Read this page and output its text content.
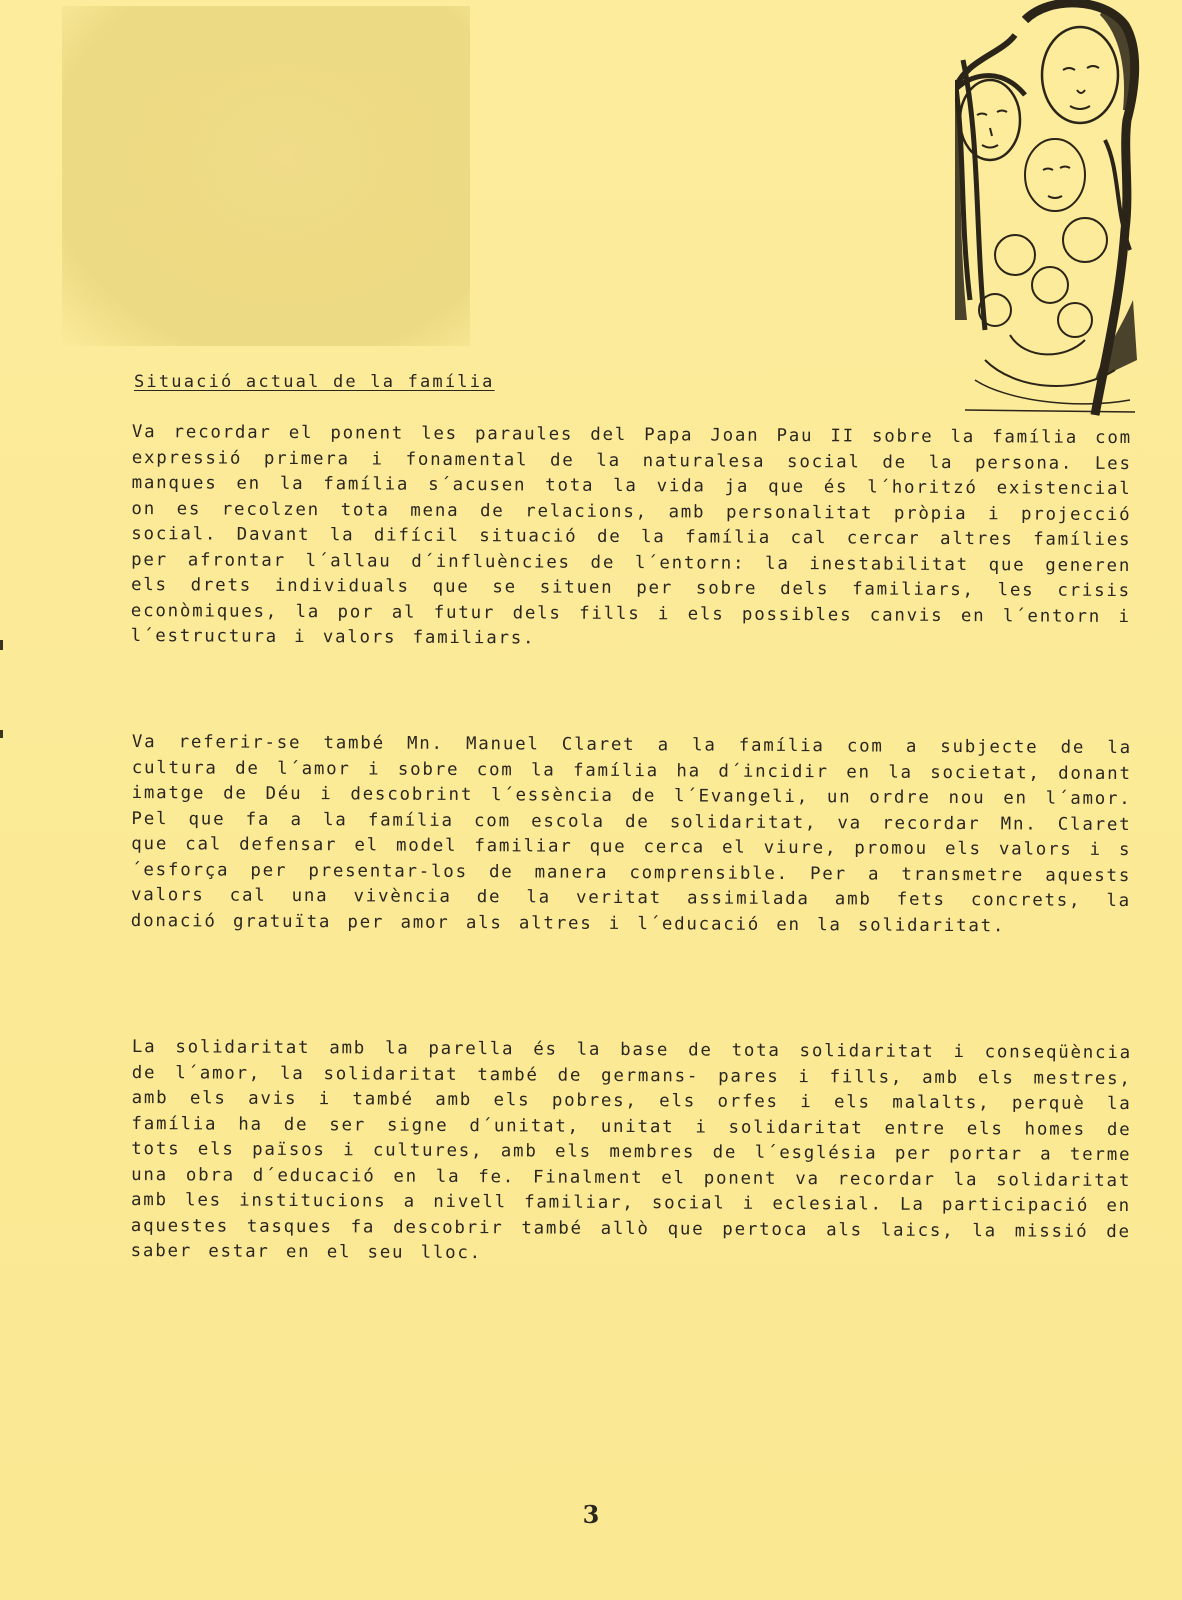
Situació actual de la família

Va recordar el ponent les paraules del Papa Joan Pau II sobre la família com expressió primera i fonamental de la naturalesa social de la persona. Les manques en la família s´acusen tota la vida ja que és l´horitzó existencial on es recolzen tota mena de relacions, amb personalitat pròpia i projecció social. Davant la difícil situació de la família cal cercar altres famílies per afrontar l´allau d´influències de l´entorn: la inestabilitat que generen els drets individuals que se situen per sobre dels familiars, les crisis econòmiques, la por al futur dels fills i els possibles canvis en l´entorn i l´estructura i valors familiars.

Va referir-se també Mn. Manuel Claret a la família com a subjecte de la cultura de l´amor i sobre com la família ha d´incidir en la societat, donant imatge de Déu i descobrint l´essència de l´Evangeli, un ordre nou en l´amor. Pel que fa a la família com escola de solidaritat, va recordar Mn. Claret que cal defensar el model familiar que cerca el viure, promou els valors i s´esforça per presentar-los de manera comprensible. Per a transmetre aquests valors cal una vivència de la veritat assimilada amb fets concrets, la donació gratuïta per amor als altres i l´educació en la solidaritat.

La solidaritat amb la parella és la base de tota solidaritat i conseqüència de l´amor, la solidaritat també de germans- pares i fills, amb els mestres, amb els avis i també amb els pobres, els orfes i els malalts, perquè la família ha de ser signe d´unitat, unitat i solidaritat entre els homes de tots els països i cultures, amb els membres de l´església per portar a terme una obra d´educació en la fe. Finalment el ponent va recordar la solidaritat amb les institucions a nivell familiar, social i eclesial. La participació en aquestes tasques fa descobrir també allò que pertoca als laics, la missió de saber estar en el seu lloc.

3
